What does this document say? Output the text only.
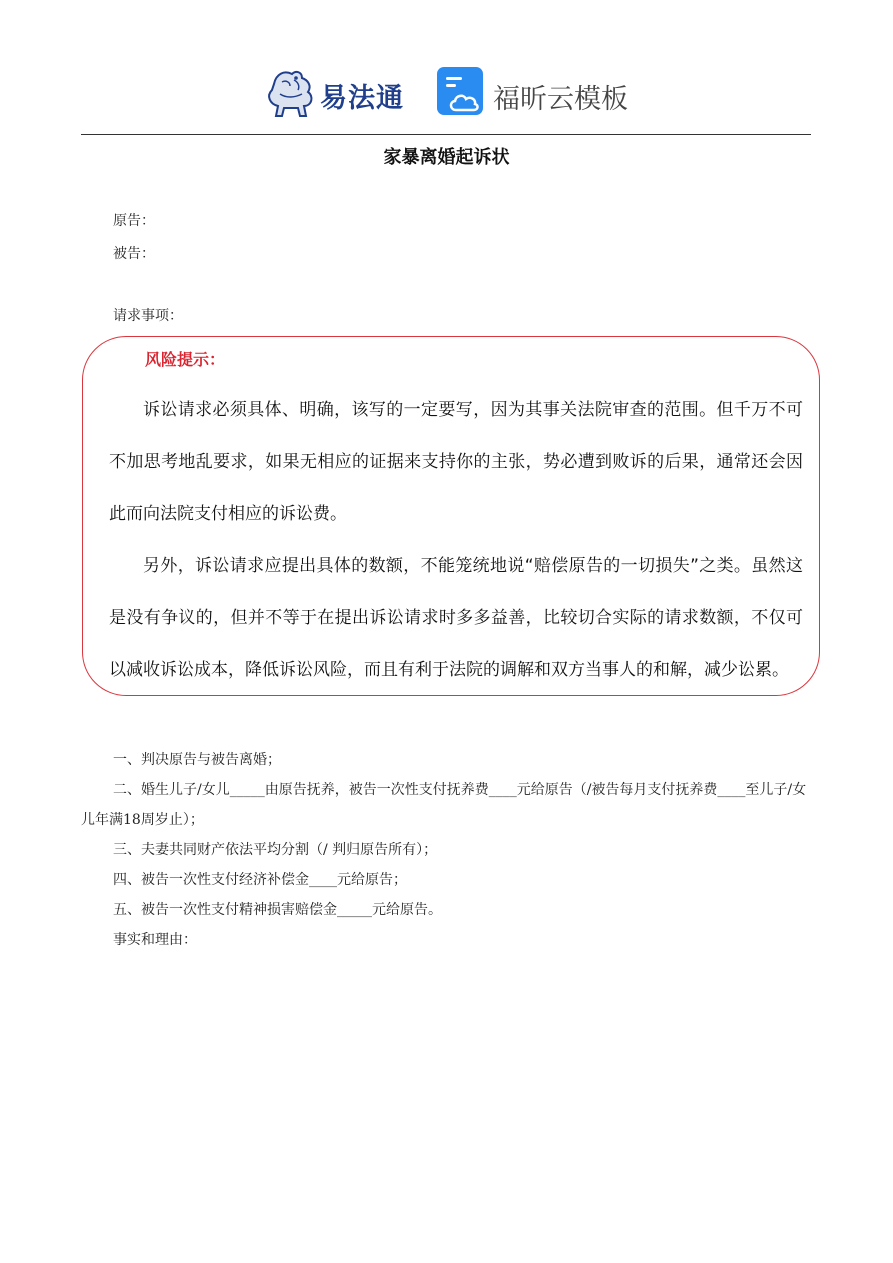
易法通	福昕云模板
家暴离婚起诉状
原告：
被告：
请求事项：
风险提示：

诉讼请求必须具体、明确，该写的一定要写，因为其事关法院审查的范围。但千万不可不加思考地乱要求，如果无相应的证据来支持你的主张，势必遭到败诉的后果，通常还会因此而向法院支付相应的诉讼费。

另外，诉讼请求应提出具体的数额，不能笼统地说“赔偿原告的一切损失”之类。虽然这是没有争议的，但并不等于在提出诉讼请求时多多益善，比较切合实际的请求数额，不仅可以减收诉讼成本，降低诉讼风险，而且有利于法院的调解和双方当事人的和解，减少讼累。

一、判决原告与被告离婚；

二、婚生儿子/女儿_____由原告抚养，被告一次性支付抚养费____元给原告（/被告每月支付抚养费____至儿子/女儿年满18周岁止）；

三、夫妻共同财产依法平均分割（/ 判归原告所有）；

四、被告一次性支付经济补偿金____元给原告；

五、被告一次性支付精神损害赔偿金_____元给原告。

事实和理由：
